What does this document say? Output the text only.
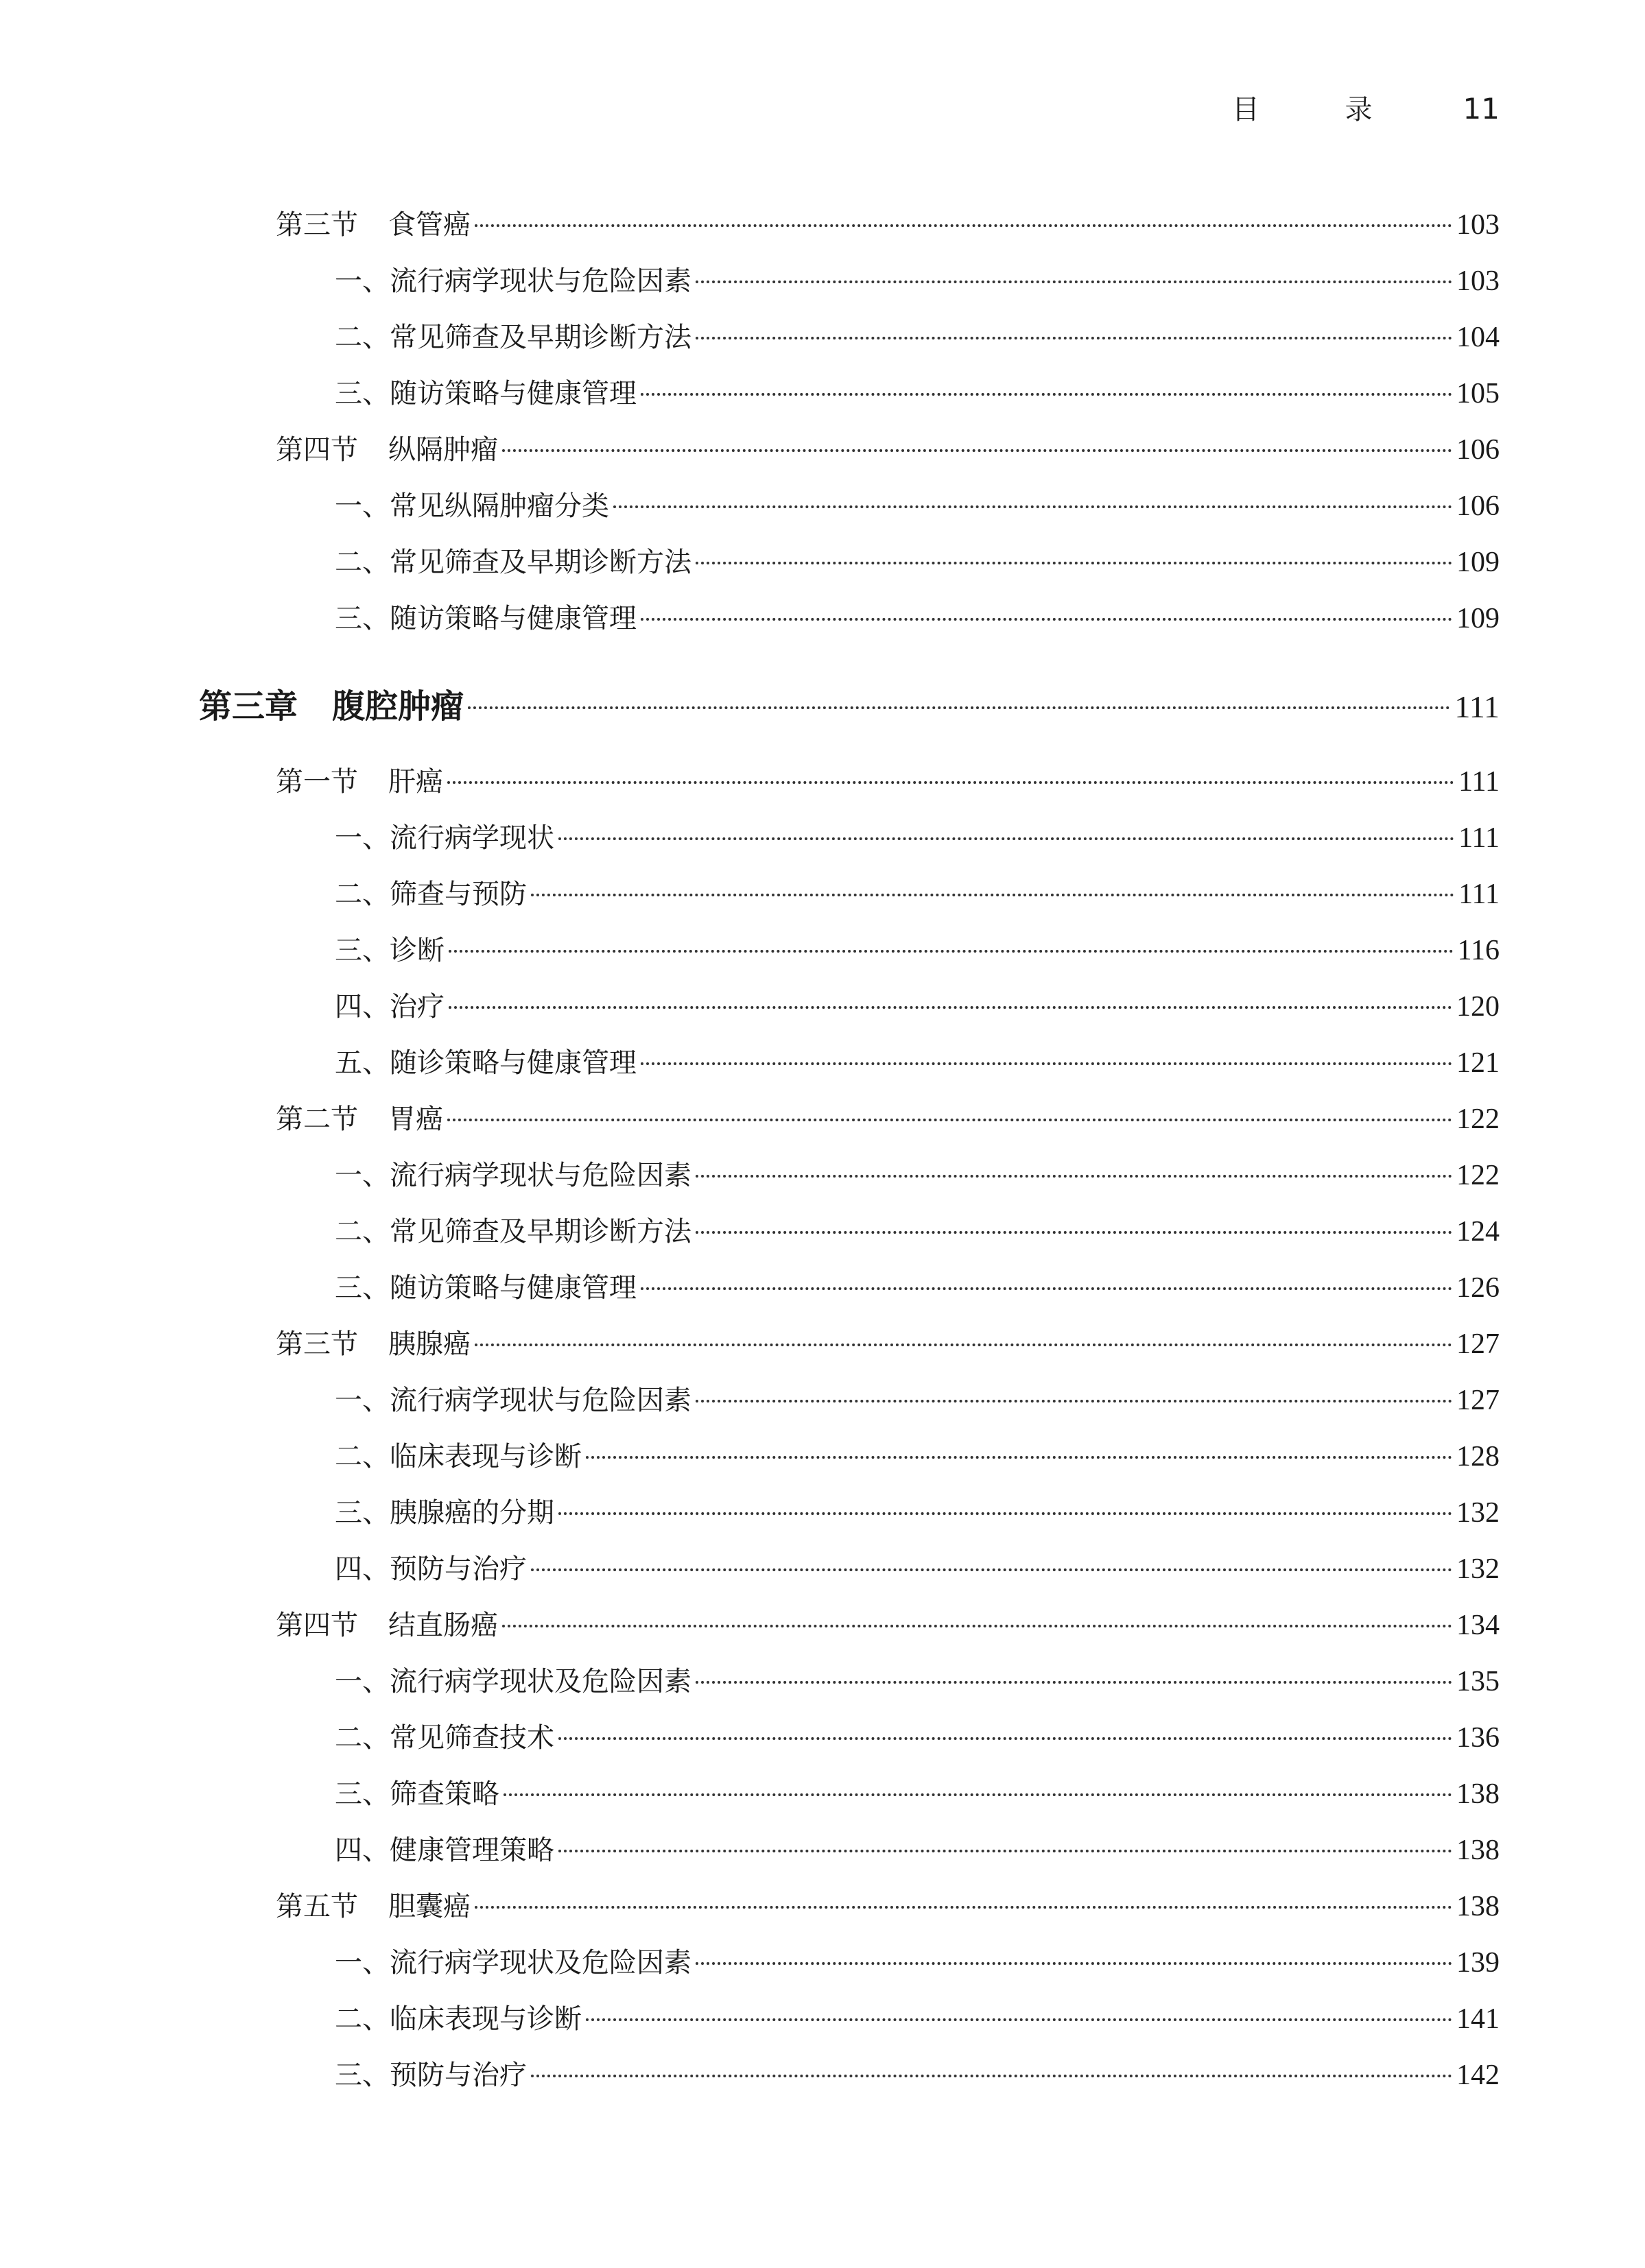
目 录 11
第三节 食管癌	103
一、流行病学现状与危险因素	103
二、常见筛查及早期诊断方法	104
三、随访策略与健康管理	105
第四节 纵隔肿瘤	106
一、常见纵隔肿瘤分类	106
二、常见筛查及早期诊断方法	109
三、随访策略与健康管理	109
第三章 腹腔肿瘤	111
第一节 肝癌	111
一、流行病学现状	111
二、筛查与预防	111
三、诊断	116
四、治疗	120
五、随诊策略与健康管理	121
第二节 胃癌	122
一、流行病学现状与危险因素	122
二、常见筛查及早期诊断方法	124
三、随访策略与健康管理	126
第三节 胰腺癌	127
一、流行病学现状与危险因素	127
二、临床表现与诊断	128
三、胰腺癌的分期	132
四、预防与治疗	132
第四节 结直肠癌	134
一、流行病学现状及危险因素	135
二、常见筛查技术	136
三、筛查策略	138
四、健康管理策略	138
第五节 胆囊癌	138
一、流行病学现状及危险因素	139
二、临床表现与诊断	141
三、预防与治疗	142
